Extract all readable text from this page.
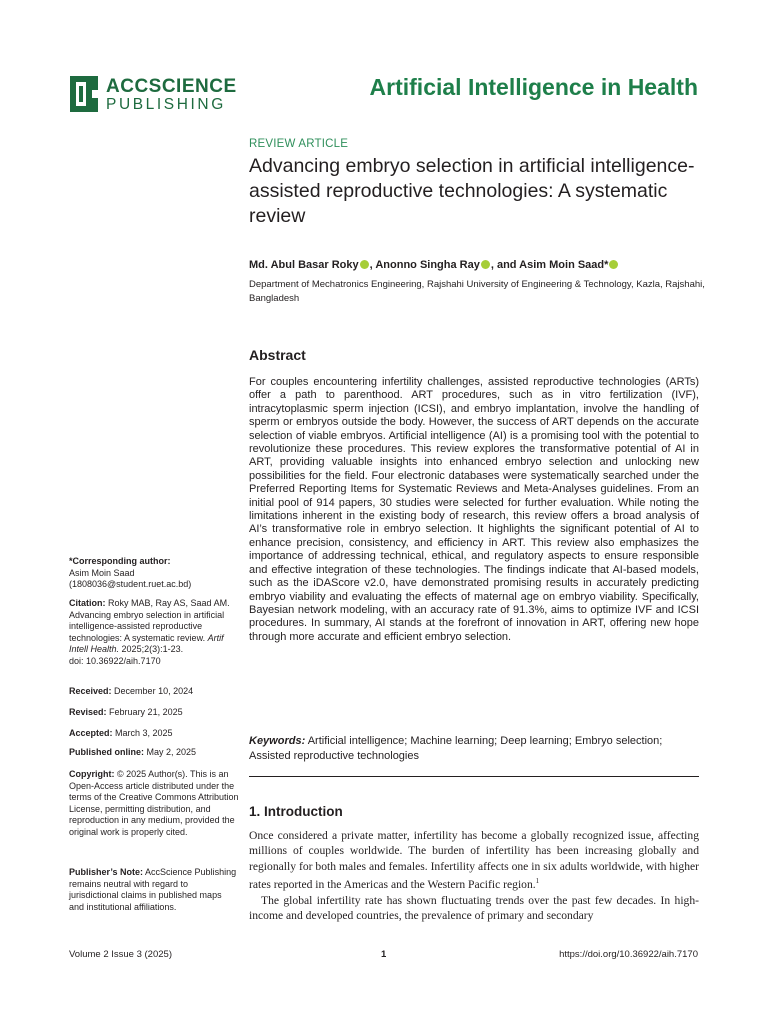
ACCSCIENCE
PUBLISHING
Artificial Intelligence in Health
REVIEW ARTICLE
Advancing embryo selection in artificial intelligence-assisted reproductive technologies: A systematic review
Md. Abul Basar Roky , Anonno Singha Ray , and Asim Moin Saad*
Department of Mechatronics Engineering, Rajshahi University of Engineering & Technology, Kazla, Rajshahi, Bangladesh
Abstract
For couples encountering infertility challenges, assisted reproductive technologies (ARTs) offer a path to parenthood. ART procedures, such as in vitro fertilization (IVF), intracytoplasmic sperm injection (ICSI), and embryo implantation, involve the handling of sperm or embryos outside the body. However, the success of ART depends on the accurate selection of viable embryos. Artificial intelligence (AI) is a promising tool with the potential to revolutionize these procedures. This review explores the transformative potential of AI in ART, providing valuable insights into enhanced embryo selection and unlocking new possibilities for the field. Four electronic databases were systematically searched under the Preferred Reporting Items for Systematic Reviews and Meta-Analyses guidelines. From an initial pool of 914 papers, 30 studies were selected for further evaluation. While noting the limitations inherent in the existing body of research, this review offers a broad analysis of AI’s transformative role in embryo selection. It highlights the significant potential of AI to enhance precision, consistency, and efficiency in ART. This review also emphasizes the importance of addressing technical, ethical, and regulatory aspects to ensure responsible and effective integration of these technologies. The findings indicate that AI-based models, such as the iDAScore v2.0, have demonstrated promising results in accurately predicting embryo viability and evaluating the effects of maternal age on embryo viability. Specifically, Bayesian network modeling, with an accuracy rate of 91.3%, aims to optimize IVF and ICSI procedures. In summary, AI stands at the forefront of innovation in ART, offering new hope through more accurate and efficient embryo selection.
Keywords: Artificial intelligence; Machine learning; Deep learning; Embryo selection; Assisted reproductive technologies
1. Introduction
Once considered a private matter, infertility has become a globally recognized issue, affecting millions of couples worldwide. The burden of infertility has been increasing globally and regionally for both males and females. Infertility affects one in six adults worldwide, with higher rates reported in the Americas and the Western Pacific region.$^1$
The global infertility rate has shown fluctuating trends over the past few decades. In high-income and developed countries, the prevalence of primary and secondary
*Corresponding author:
Asim Moin Saad
(1808036@student.ruet.ac.bd)
Citation: Roky MAB, Ray AS, Saad AM. Advancing embryo selection in artificial intelligence-assisted reproductive technologies: A systematic review. Artif Intell Health. 2025;2(3):1-23.
doi: 10.36922/aih.7170
Received: December 10, 2024
Revised: February 21, 2025
Accepted: March 3, 2025
Published online: May 2, 2025
Copyright: © 2025 Author(s). This is an Open-Access article distributed under the terms of the Creative Commons Attribution License, permitting distribution, and reproduction in any medium, provided the original work is properly cited.
Publisher’s Note: AccScience Publishing remains neutral with regard to jurisdictional claims in published maps and institutional affiliations.
Volume 2 Issue 3 (2025)	1	https://doi.org/10.36922/aih.7170
